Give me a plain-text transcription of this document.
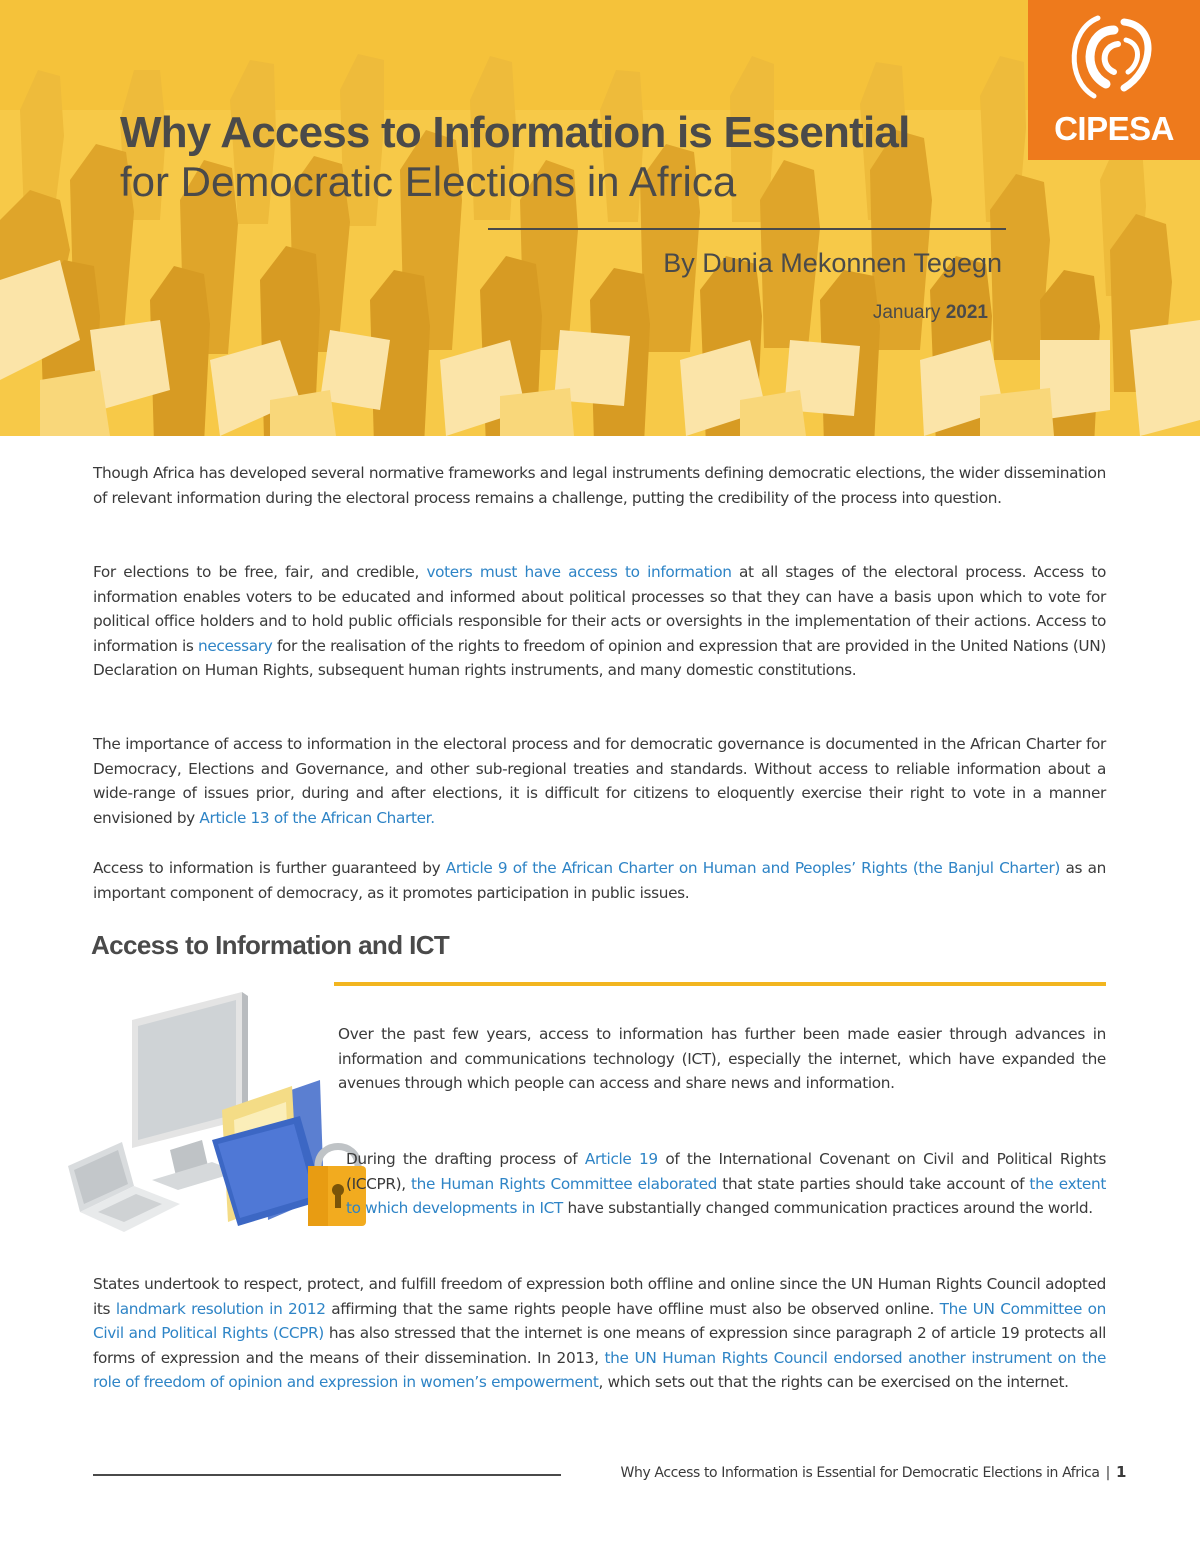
CIPESA
Why Access to Information is Essential
for Democratic Elections in Africa
By Dunia Mekonnen Tegegn
January 2021

Though Africa has developed several normative frameworks and legal instruments defining democratic elections, the wider dissemination of relevant information during the electoral process remains a challenge, putting the credibility of the process into question.

For elections to be free, fair, and credible, voters must have access to information at all stages of the electoral process. Access to information enables voters to be educated and informed about political processes so that they can have a basis upon which to vote for political office holders and to hold public officials responsible for their acts or oversights in the implementation of their actions. Access to information is necessary for the realisation of the rights to freedom of opinion and expression that are provided in the United Nations (UN) Declaration on Human Rights, subsequent human rights instruments, and many domestic constitutions.

The importance of access to information in the electoral process and for democratic governance is documented in the African Charter for Democracy, Elections and Governance, and other sub-regional treaties and standards. Without access to reliable information about a wide-range of issues prior, during and after elections, it is difficult for citizens to eloquently exercise their right to vote in a manner envisioned by Article 13 of the African Charter.

Access to information is further guaranteed by Article 9 of the African Charter on Human and Peoples’ Rights (the Banjul Charter) as an important component of democracy, as it promotes participation in public issues.

Access to Information and ICT

Over the past few years, access to information has further been made easier through advances in information and communications technology (ICT), especially the internet, which have expanded the avenues through which people can access and share news and information.

During the drafting process of Article 19 of the International Covenant on Civil and Political Rights (ICCPR), the Human Rights Committee elaborated that state parties should take account of the extent to which developments in ICT have substantially changed communication practices around the world.

States undertook to respect, protect, and fulfill freedom of expression both offline and online since the UN Human Rights Council adopted its landmark resolution in 2012 affirming that the same rights people have offline must also be observed online. The UN Committee on Civil and Political Rights (CCPR) has also stressed that the internet is one means of expression since paragraph 2 of article 19 protects all forms of expression and the means of their dissemination. In 2013, the UN Human Rights Council endorsed another instrument on the role of freedom of opinion and expression in women’s empowerment, which sets out that the rights can be exercised on the internet.

Why Access to Information is Essential for Democratic Elections in Africa | 1
